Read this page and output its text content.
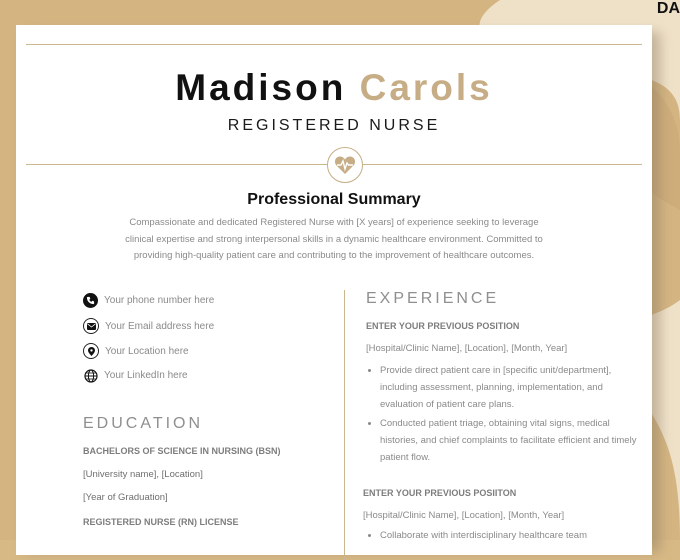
DA
Madison Carols
REGISTERED NURSE
Professional Summary
Compassionate and dedicated Registered Nurse with [X years] of experience seeking to leverage clinical expertise and strong interpersonal skills in a dynamic healthcare environment. Committed to providing high-quality patient care and contributing to the improvement of healthcare outcomes.
Your phone number here
Your Email address here
Your Location here
Your LinkedIn here
EDUCATION
BACHELORS OF SCIENCE IN NURSING (BSN)
[University name], [Location]
[Year of Graduation]
REGISTERED NURSE (RN) LICENSE
EXPERIENCE
ENTER YOUR PREVIOUS POSITION
[Hospital/Clinic Name], [Location], [Month, Year]
• Provide direct patient care in [specific unit/department], including assessment, planning, implementation, and evaluation of patient care plans.
• Conducted patient triage, obtaining vital signs, medical histories, and chief complaints to facilitate efficient and timely patient flow.
ENTER YOUR PREVIOUS POSIITON
[Hospital/Clinic Name], [Location], [Month, Year]
• Collaborate with interdisciplinary healthcare team
